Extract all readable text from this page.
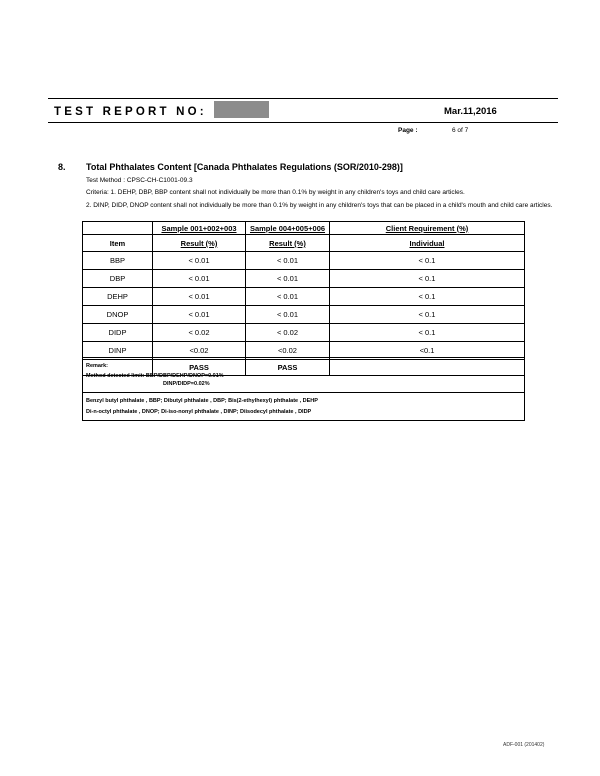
TEST REPORT NO:	Mar.11,2016
Page :	6 of 7
8. Total Phthalates Content [Canada Phthalates Regulations (SOR/2010-298)]
Test Method : CPSC-CH-C1001-09.3
Criteria: 1. DEHP, DBP, BBP content shall not individually be more than 0.1% by weight in any children's toys and child care articles.
2. DINP, DIDP, DNOP content shall not individually be more than 0.1% by weight in any children's toys that can be placed in a child's mouth and child care articles.
	Sample 001+002+003	Sample 004+005+006	Client Requirement (%)
Item	Result (%)	Result (%)	Individual
BBP	< 0.01	< 0.01	< 0.1
DBP	< 0.01	< 0.01	< 0.1
DEHP	< 0.01	< 0.01	< 0.1
DNOP	< 0.01	< 0.01	< 0.1
DIDP	< 0.02	< 0.02	< 0.1
DINP	<0.02	<0.02	<0.1
	PASS	PASS	
Remark:
Method detected limit: BBP/DBP/DEHP/DNOP=0.01%
DINP/DIDP=0.02%
Benzyl butyl phthalate , BBP; Dibutyl phthalate , DBP; Bis(2-ethylhexyl) phthalate , DEHP
Di-n-octyl phthalate , DNOP; Di-iso-nonyl phthalate , DINP; Diisodecyl phthalate , DIDP
ADF-001 (201402)
